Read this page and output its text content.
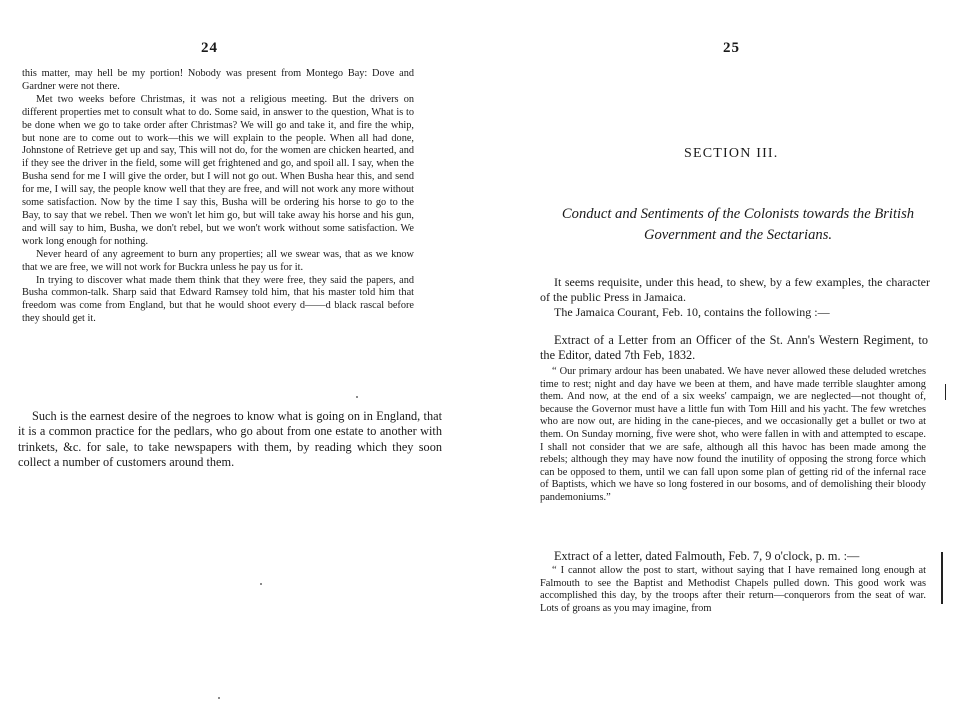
24

this matter, may hell be my portion! Nobody was present from Montego Bay: Dove and Gardner were not there.

Met two weeks before Christmas, it was not a religious meeting. But the drivers on different properties met to consult what to do. Some said, in answer to the question, What is to be done when we go to take order after Christmas? We will go and take it, and fire the whip, but none are to come out to work—this we will explain to the people. When all had done, Johnstone of Retrieve get up and say, This will not do, for the women are chicken hearted, and if they see the driver in the field, some will get frightened and go, and spoil all. I say, when the Busha send for me I will give the order, but I will not go out. When Busha hear this, and send for me, I will say, the people know well that they are free, and will not work any more without some satisfaction. Now by the time I say this, Busha will be ordering his horse to go to the Bay, to say that we rebel. Then we won't let him go, but will take away his horse and his gun, and will say to him, Busha, we don't rebel, but we won't work without some satisfaction. We work long enough for nothing.

Never heard of any agreement to burn any properties; all we swear was, that as we know that we are free, we will not work for Buckra unless he pay us for it.

In trying to discover what made them think that they were free, they said the papers, and Busha common-talk. Sharp said that Edward Ramsey told him, that his master told him that freedom was come from England, but that he would shoot every d——d black rascal before they should get it.

Such is the earnest desire of the negroes to know what is going on in England, that it is a common practice for the pedlars, who go about from one estate to another with trinkets, &c. for sale, to take newspapers with them, by reading which they soon collect a number of customers around them.

25
SECTION III.
Conduct and Sentiments of the Colonists towards the British Government and the Sectarians.

It seems requisite, under this head, to shew, by a few examples, the character of the public Press in Jamaica.

The Jamaica Courant, Feb. 10, contains the following :—

Extract of a Letter from an Officer of the St. Ann's Western Regiment, to the Editor, dated 7th Feb, 1832.

“ Our primary ardour has been unabated. We have never allowed these deluded wretches time to rest; night and day have we been at them, and have made terrible slaughter among them. And now, at the end of a six weeks' campaign, we are neglected—not thought of, because the Governor must have a little fun with Tom Hill and his yacht. The few wretches who are now out, are hiding in the cane-pieces, and we occasionally get a bullet or two at them. On Sunday morning, five were shot, who were fallen in with and attempted to escape. I shall not consider that we are safe, although all this havoc has been made among the rebels; although they may have now found the inutility of opposing the strong force which can be opposed to them, until we can fall upon some plan of getting rid of the infernal race of Baptists, which we have so long fostered in our bosoms, and of demolishing their bloody pandemoniums.”

Extract of a letter, dated Falmouth, Feb. 7, 9 o'clock, p. m. :—

“ I cannot allow the post to start, without saying that I have remained long enough at Falmouth to see the Baptist and Methodist Chapels pulled down. This good work was accomplished this day, by the troops after their return—conquerors from the seat of war. Lots of groans as you may imagine, from
